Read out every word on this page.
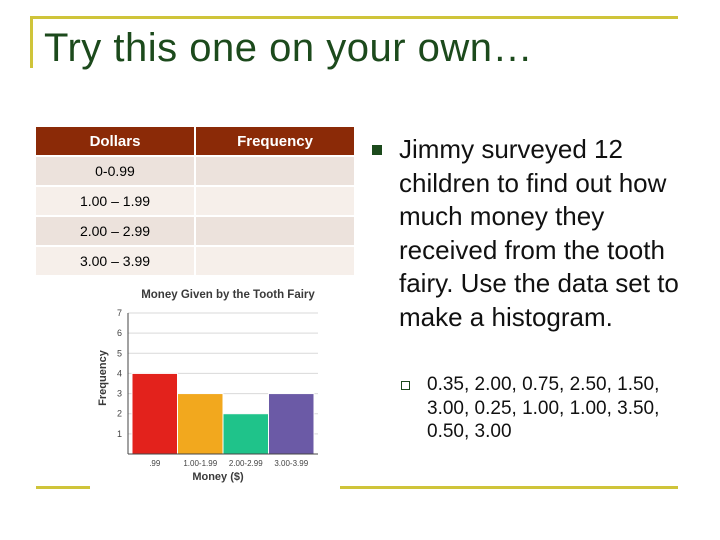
Try this one on your own…
Dollars	Frequency
0-0.99
1.00 – 1.99
2.00 – 2.99
3.00 – 3.99
Money Given by the Tooth Fairy
1
2
3
4
5
6
7
.99	1.00-1.99 2.00-2.99 3.00-3.99
Frequency
Money ($)
Jimmy surveyed 12 children to find out how much money they received from the tooth fairy. Use the data set to make a histogram.
0.35, 2.00, 0.75, 2.50, 1.50, 3.00, 0.25, 1.00, 1.00, 3.50, 0.50, 3.00
